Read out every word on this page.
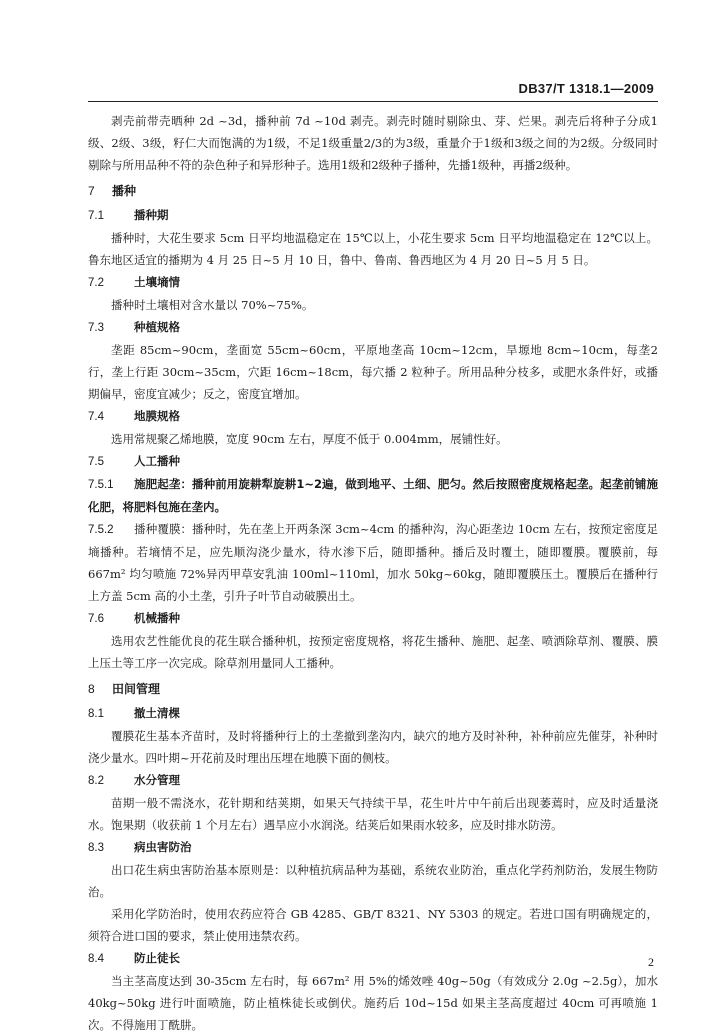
DB37/T 1318.1—2009

剥壳前带壳晒种 2d ~3d，播种前 7d ~10d 剥壳。剥壳时随时剔除虫、芽、烂果。剥壳后将种子分成1级、2级、3级，籽仁大而饱满的为1级，不足1级重量2/3的为3级，重量介于1级和3级之间的为2级。分级同时剔除与所用品种不符的杂色种子和异形种子。选用1级和2级种子播种，先播1级种，再播2级种。

7 播种
7.1	播种期

播种时，大花生要求 5cm 日平均地温稳定在 15℃以上，小花生要求 5cm 日平均地温稳定在 12℃以上。鲁东地区适宜的播期为 4 月 25 日~5 月 10 日，鲁中、鲁南、鲁西地区为 4 月 20 日~5 月 5 日。

7.2	土壤墒情

播种时土壤相对含水量以 70%~75%。

7.3	种植规格

垄距 85cm~90cm，垄面宽 55cm~60cm，平原地垄高 10cm~12cm，旱塬地 8cm~10cm，每垄2行，垄上行距 30cm~35cm，穴距 16cm~18cm，每穴播 2 粒种子。所用品种分枝多，或肥水条件好，或播期偏早，密度宜减少；反之，密度宜增加。

7.4	地膜规格

选用常规聚乙烯地膜，宽度 90cm 左右，厚度不低于 0.004mm，展铺性好。

7.5	人工播种

7.5.1 施肥起垄：播种前用旋耕犁旋耕1~2遍，做到地平、土细、肥匀。然后按照密度规格起垄。起垄前铺施化肥，将肥料包施在垄内。

7.5.2 播种覆膜：播种时，先在垄上开两条深 3cm~4cm 的播种沟，沟心距垄边 10cm 左右，按预定密度足墒播种。若墒情不足，应先顺沟浇少量水，待水渗下后，随即播种。播后及时覆土，随即覆膜。覆膜前，每 667m² 均匀喷施 72%异丙甲草安乳油 100ml~110ml，加水 50kg~60kg，随即覆膜压土。覆膜后在播种行上方盖 5cm 高的小土垄，引升子叶节自动破膜出土。

7.6	机械播种

选用农艺性能优良的花生联合播种机，按预定密度规格，将花生播种、施肥、起垄、喷洒除草剂、覆膜、膜上压土等工序一次完成。除草剂用量同人工播种。

8 田间管理
8.1	撤土清棵

覆膜花生基本齐苗时，及时将播种行上的土垄撤到垄沟内，缺穴的地方及时补种，补种前应先催芽，补种时浇少量水。四叶期~开花前及时理出压埋在地膜下面的侧枝。

8.2	水分管理

苗期一般不需浇水，花针期和结荚期，如果天气持续干旱，花生叶片中午前后出现萎蔫时，应及时适量浇水。饱果期（收获前 1 个月左右）遇旱应小水润浇。结荚后如果雨水较多，应及时排水防涝。

8.3	病虫害防治

出口花生病虫害防治基本原则是：以种植抗病品种为基础，系统农业防治，重点化学药剂防治，发展生物防治。

采用化学防治时，使用农药应符合 GB 4285、GB/T 8321、NY 5303 的规定。若进口国有明确规定的，须符合进口国的要求，禁止使用违禁农药。

8.4	防止徒长

当主茎高度达到 30-35cm 左右时，每 667m² 用 5%的烯效唑 40g~50g（有效成分 2.0g ~2.5g），加水 40kg~50kg 进行叶面喷施，防止植株徒长或倒伏。施药后 10d~15d 如果主茎高度超过 40cm 可再喷施 1 次。不得施用丁酰肼。

2
